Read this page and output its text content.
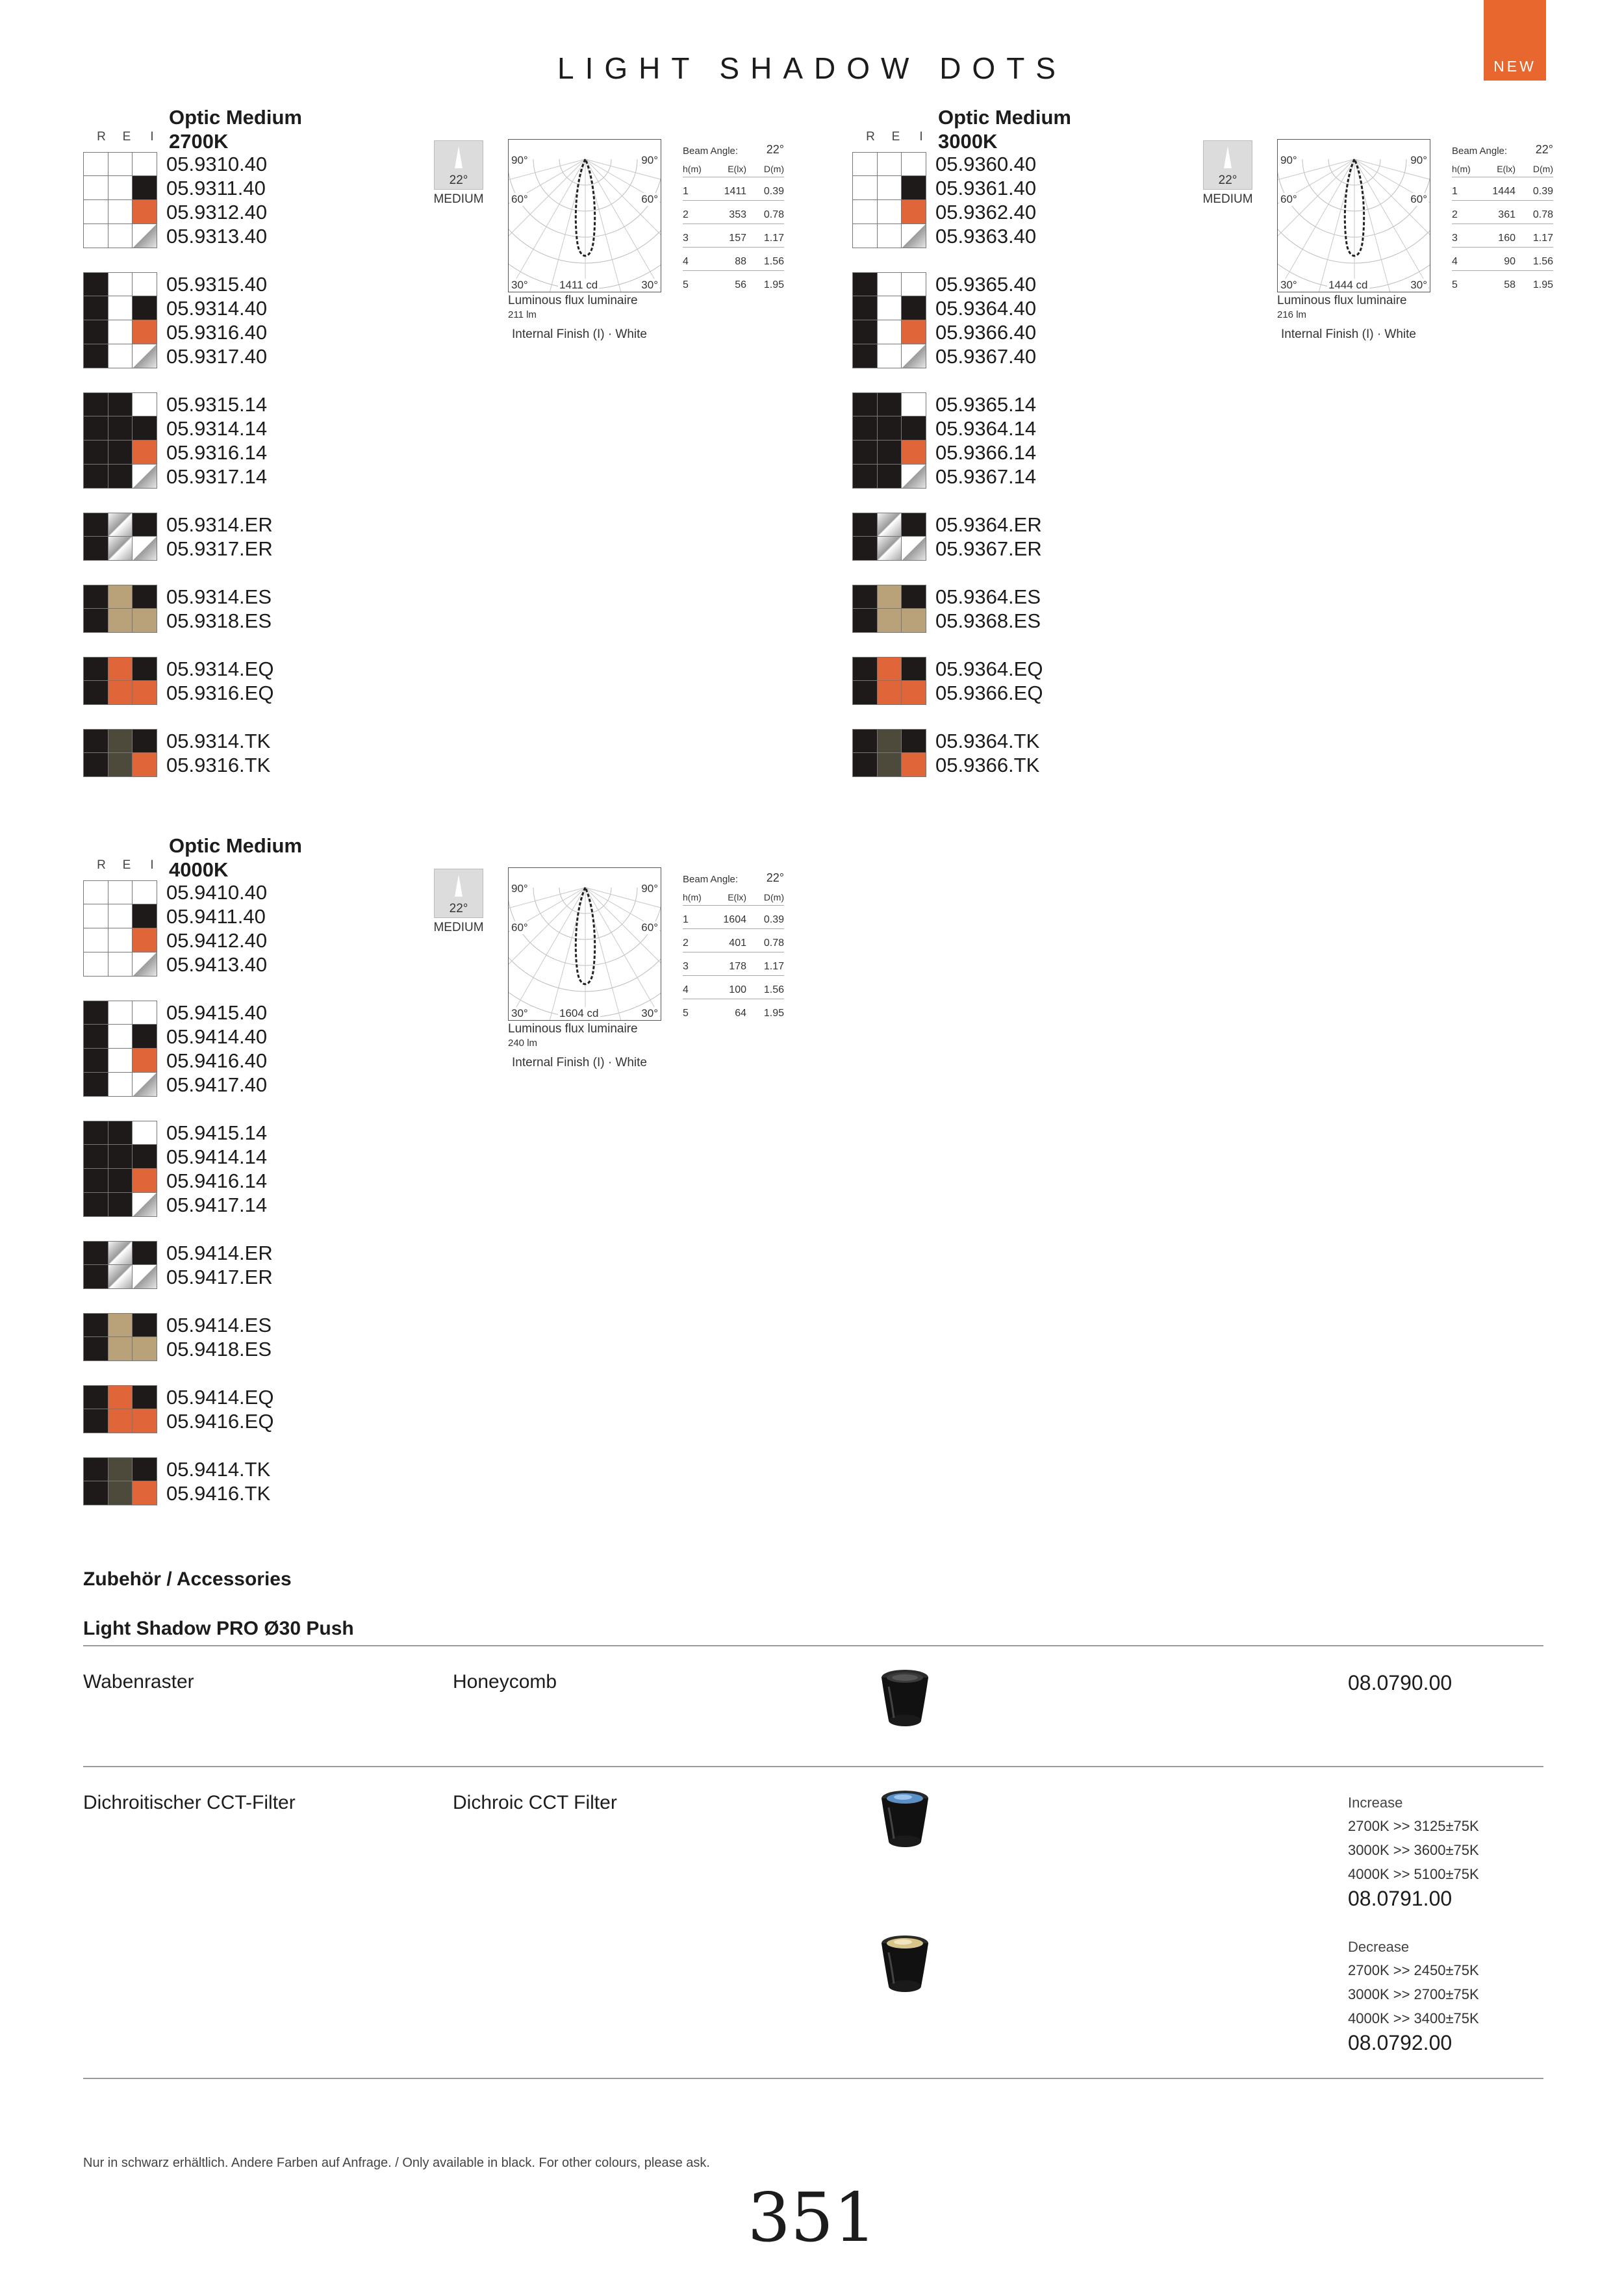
LIGHT SHADOW DOTS	NEW
Optic Medium
2700K
R	E	I
05.9310.40
05.9311.40
05.9312.40
05.9313.40
05.9315.40
05.9314.40
05.9316.40
05.9317.40
05.9315.14
05.9314.14
05.9316.14
05.9317.14
05.9314.ER
05.9317.ER
05.9314.ES
05.9318.ES
05.9314.EQ
05.9316.EQ
05.9314.TK
05.9316.TK
22°
MEDIUM
90°	90°
60°	60°
30°	30°
1411 cd
Luminous flux luminaire
211 lm
Internal Finish (I) · White
Beam Angle: 22°
h(m)	E(lx) D(m)
1	1411 0.39
2	353 0.78
3	157 1.17
4	88 1.56
5	56 1.95
Optic Medium
3000K
R	E	I
05.9360.40
05.9361.40
05.9362.40
05.9363.40
05.9365.40
05.9364.40
05.9366.40
05.9367.40
05.9365.14
05.9364.14
05.9366.14
05.9367.14
05.9364.ER
05.9367.ER
05.9364.ES
05.9368.ES
05.9364.EQ
05.9366.EQ
05.9364.TK
05.9366.TK
22°
MEDIUM
90°	90°
60°	60°
30°	30°
1444 cd
Luminous flux luminaire
216 lm
Internal Finish (I) · White
Beam Angle: 22°
h(m)	E(lx) D(m)
1	1444 0.39
2	361 0.78
3	160 1.17
4	90 1.56
5	58 1.95
Optic Medium
4000K
R	E	I
05.9410.40
05.9411.40
05.9412.40
05.9413.40
05.9415.40
05.9414.40
05.9416.40
05.9417.40
05.9415.14
05.9414.14
05.9416.14
05.9417.14
05.9414.ER
05.9417.ER
05.9414.ES
05.9418.ES
05.9414.EQ
05.9416.EQ
05.9414.TK
05.9416.TK
22°
MEDIUM
90°	90°
60°	60°
30°	30°
1604 cd
Luminous flux luminaire
240 lm
Internal Finish (I) · White
Beam Angle: 22°
h(m)	E(lx) D(m)
1	1604 0.39
2	401 0.78
3	178 1.17
4	100 1.56
5	64 1.95
Zubehör / Accessories
Light Shadow PRO Ø30 Push
Wabenraster	Honeycomb	08.0790.00
Dichroitischer CCT-Filter	Dichroic CCT Filter	Increase
2700K >> 3125±75K
3000K >> 3600±75K
4000K >> 5100±75K
08.0791.00
Decrease
2700K >> 2450±75K
3000K >> 2700±75K
4000K >> 3400±75K
08.0792.00
Nur in schwarz erhältlich. Andere Farben auf Anfrage. / Only available in black. For other colours, please ask.
351
